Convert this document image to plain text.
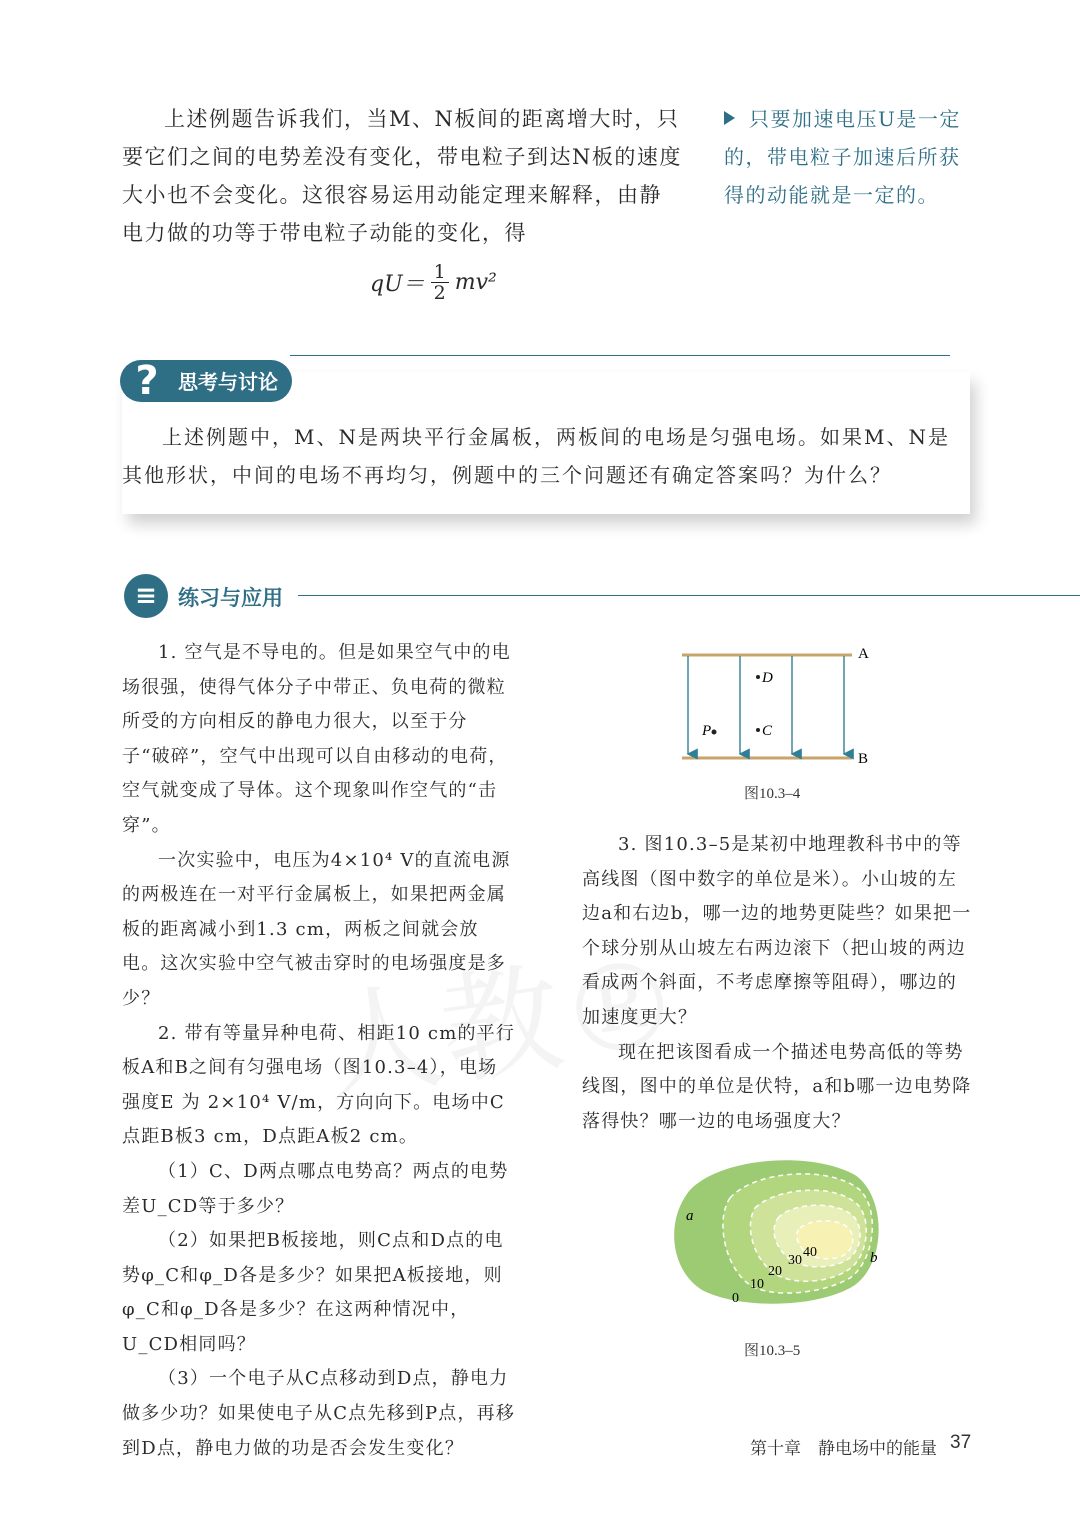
上述例题告诉我们，当M、N板间的距离增大时，只要它们之间的电势差没有变化，带电粒子到达N板的速度大小也不会变化。这很容易运用动能定理来解释，由静电力做的功等于带电粒子动能的变化，得

$qU= \frac{1}{2} mv^2$
只要加速电压U是一定的，带电粒子加速后所获得的动能就是一定的。
? 思考与讨论

上述例题中，M、N是两块平行金属板，两板间的电场是匀强电场。如果M、N是其他形状，中间的电场不再均匀，例题中的三个问题还有确定答案吗？为什么？

≡	练习与应用

1. 空气是不导电的。但是如果空气中的电场很强，使得气体分子中带正、负电荷的微粒所受的方向相反的静电力很大，以至于分子“破碎”，空气中出现可以自由移动的电荷，空气就变成了导体。这个现象叫作空气的“击穿”。

一次实验中，电压为4×10⁴ V的直流电源的两极连在一对平行金属板上，如果把两金属板的距离减小到1.3 cm，两板之间就会放电。这次实验中空气被击穿时的电场强度是多少？

2. 带有等量异种电荷、相距10 cm的平行板A和B之间有匀强电场（图10.3–4），电场强度E 为 2×10⁴ V/m，方向向下。电场中C点距B板3 cm，D点距A板2 cm。

（1）C、D两点哪点电势高？两点的电势差U_CD等于多少？

（2）如果把B板接地，则C点和D点的电势φ_C和φ_D各是多少？如果把A板接地，则φ_C和φ_D各是多少？在这两种情况中，U_CD相同吗？

（3）一个电子从C点移动到D点，静电力做多少功？如果使电子从C点先移到P点，再移到D点，静电力做的功是否会发生变化？

A
B
D
C
P
图10.3–4

3. 图10.3–5是某初中地理教科书中的等高线图（图中数字的单位是米）。小山坡的左边a和右边b，哪一边的地势更陡些？如果把一个球分别从山坡左右两边滚下（把山坡的两边看成两个斜面，不考虑摩擦等阻碍），哪边的加速度更大？

现在把该图看成一个描述电势高低的等势线图，图中的单位是伏特，a和b哪一边电势降落得快？哪一边的电场强度大？

a
b
0
10
20
30
40
图10.3–5
第十章　静电场中的能量 37
